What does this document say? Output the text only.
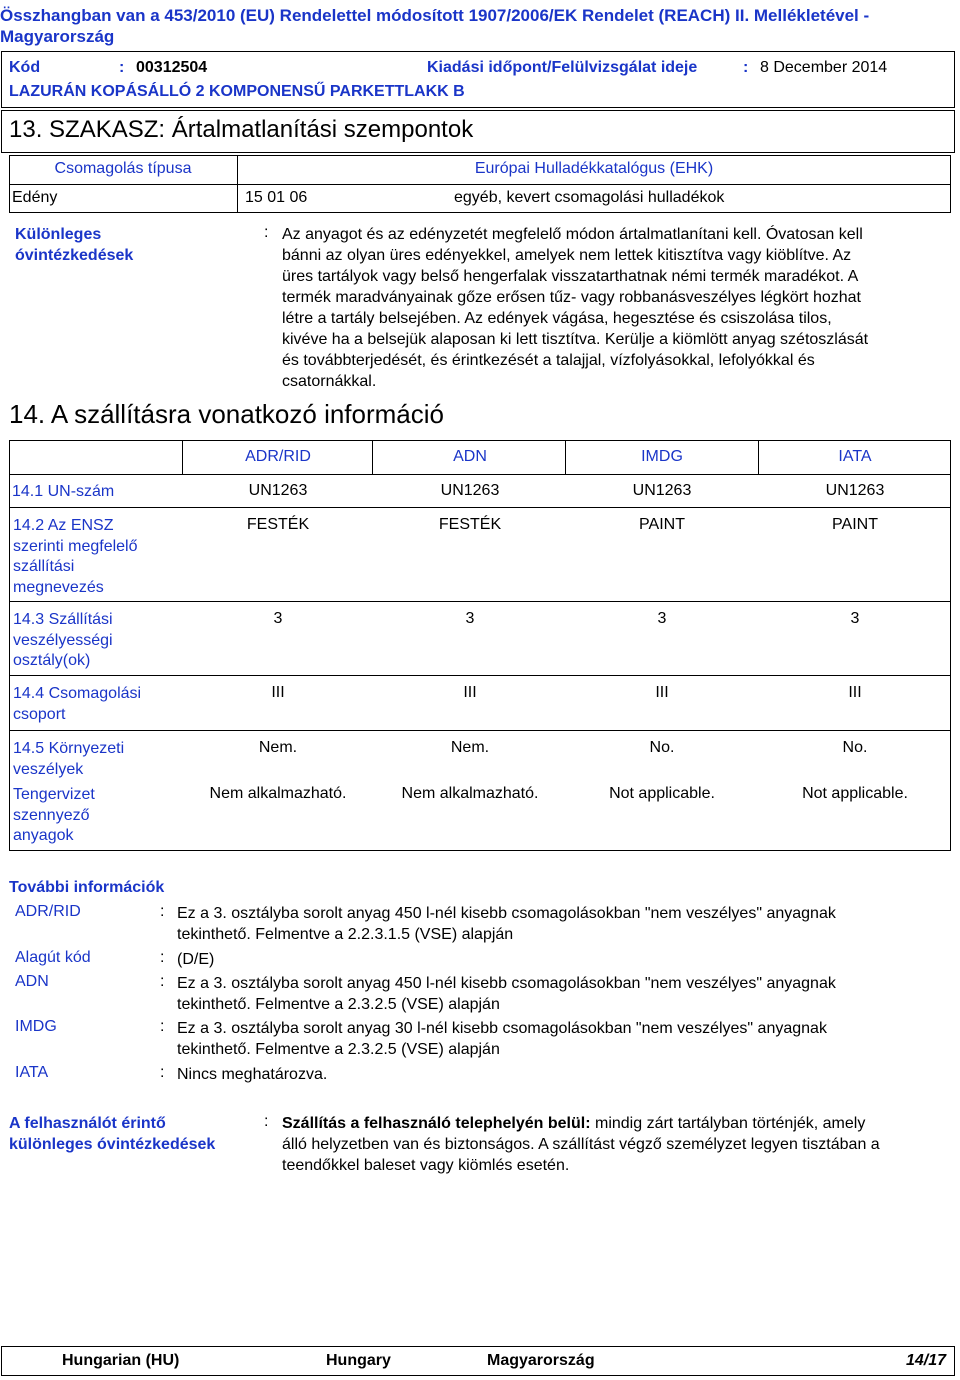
Összhangban van a 453/2010 (EU) Rendelettel módosított 1907/2006/EK Rendelet (REACH) II. Mellékletével -
Magyarország
Kód	: 00312504	Kiadási időpont/Felülvizsgálat ideje	: 8 December 2014
LAZURÁN KOPÁSÁLLÓ 2 KOMPONENSŰ PARKETTLAKK B
13. SZAKASZ: Ártalmatlanítási szempontok
Csomagolás típusa	Európai Hulladékkatalógus (EHK)
Edény	15 01 06	egyéb, kevert csomagolási hulladékok
Különleges
óvintézkedések
: Az anyagot és az edényzetét megfelelő módon ártalmatlanítani kell. Óvatosan kell
bánni az olyan üres edényekkel, amelyek nem lettek kitisztítva vagy kiöblítve. Az
üres tartályok vagy belső hengerfalak visszatarthatnak némi termék maradékot. A
termék maradványainak gőze erősen tűz- vagy robbanásveszélyes légkört hozhat
létre a tartály belsejében. Az edények vágása, hegesztése és csiszolása tilos,
kivéve ha a belsejük alaposan ki lett tisztítva. Kerülje a kiömlött anyag szétoszlását
és továbbterjedését, és érintkezését a talajjal, vízfolyásokkal, lefolyókkal és
csatornákkal.
14. A szállításra vonatkozó információ
ADR/RID	ADN	IMDG	IATA
14.1 UN-szám	UN1263	UN1263	UN1263	UN1263
14.2 Az ENSZ
szerinti megfelelő
szállítási
megnevezés
FESTÉK	FESTÉK	PAINT	PAINT
14.3 Szállítási
veszélyességi
osztály(ok)
3	3	3	3
14.4 Csomagolási
csoport
III	III	III	III
14.5 Környezeti
veszélyek
Nem.	Nem.	No.	No.
Tengervizet
szennyező
anyagok
Nem alkalmazható.	Nem alkalmazható.	Not applicable.	Not applicable.
További információk
ADR/RID	: Ez a 3. osztályba sorolt anyag 450 l-nél kisebb csomagolásokban "nem veszélyes" anyagnak
tekinthető. Felmentve a 2.2.3.1.5 (VSE) alapján
Alagút kód	: (D/E)
ADN	: Ez a 3. osztályba sorolt anyag 450 l-nél kisebb csomagolásokban "nem veszélyes" anyagnak
tekinthető. Felmentve a 2.3.2.5 (VSE) alapján
IMDG	: Ez a 3. osztályba sorolt anyag 30 l-nél kisebb csomagolásokban "nem veszélyes" anyagnak
tekinthető. Felmentve a 2.3.2.5 (VSE) alapján
IATA	: Nincs meghatározva.
A felhasználót érintő
különleges óvintézkedések
: Szállítás a felhasználó telephelyén belül: mindig zárt tartályban történjék, amely
álló helyzetben van és biztonságos. A szállítást végző személyzet legyen tisztában a
teendőkkel baleset vagy kiömlés esetén.
Hungarian (HU)	Hungary	Magyarország	14/17
